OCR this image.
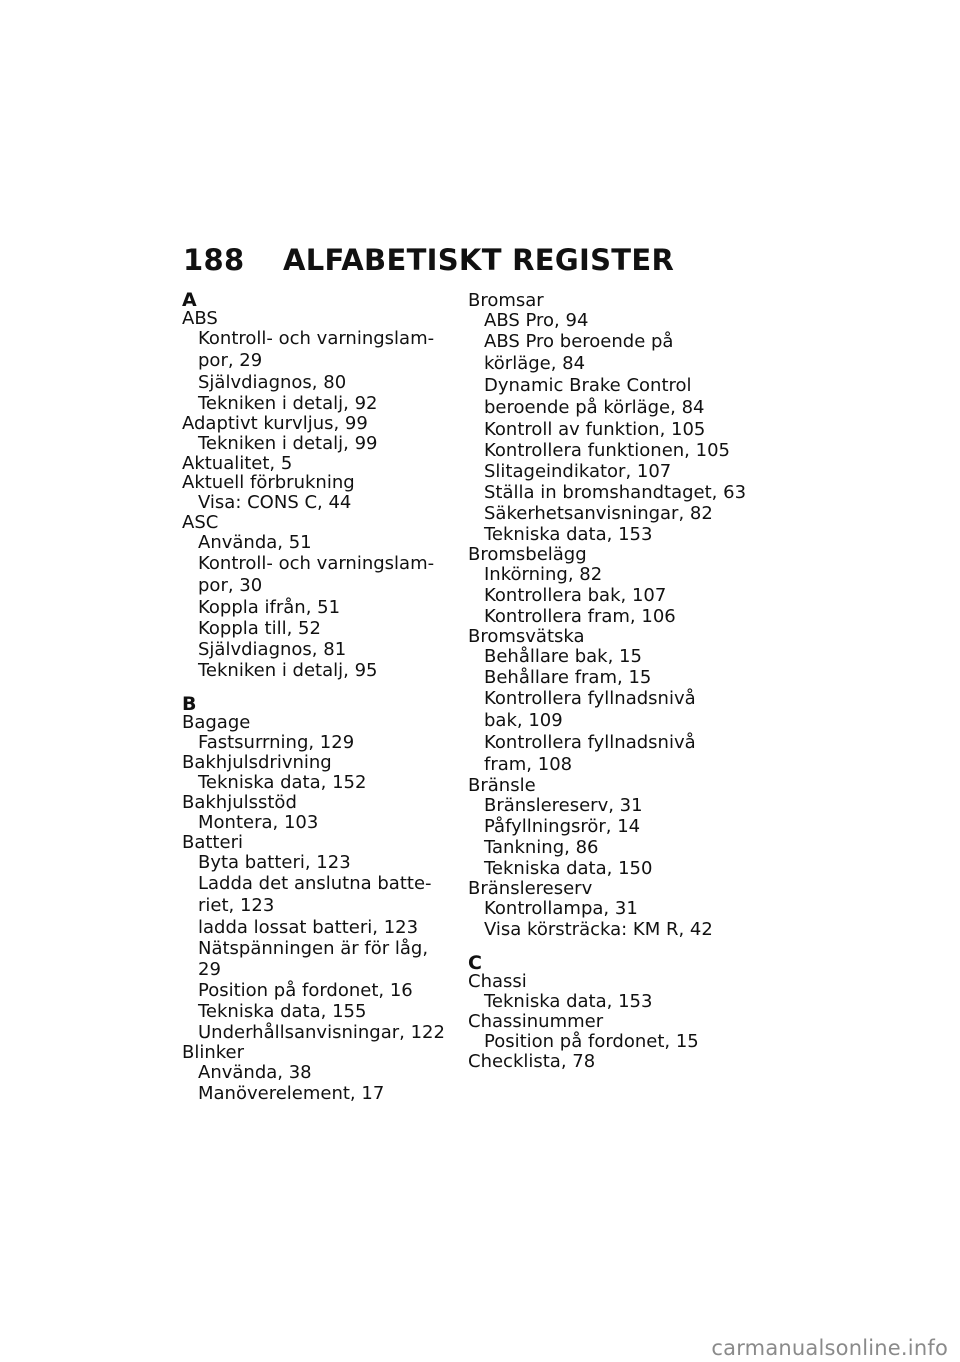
188	ALFABETISKT REGISTER
A
ABS
Kontroll- och varningslam-
por, 29
Självdiagnos, 80
Tekniken i detalj, 92
Adaptivt kurvljus, 99
Tekniken i detalj, 99
Aktualitet, 5
Aktuell förbrukning
Visa: CONS C, 44
ASC
Använda, 51
Kontroll- och varningslam-
por, 30
Koppla ifrån, 51
Koppla till, 52
Självdiagnos, 81
Tekniken i detalj, 95
B
Bagage
Fastsurrning, 129
Bakhjulsdrivning
Tekniska data, 152
Bakhjulsstöd
Montera, 103
Batteri
Byta batteri, 123
Ladda det anslutna batte-
riet, 123
ladda lossat batteri, 123
Nätspänningen är för låg, 29
Position på fordonet, 16
Tekniska data, 155
Underhållsanvisningar, 122
Blinker
Använda, 38
Manöverelement, 17
Bromsar
ABS Pro, 94
ABS Pro beroende på
körläge, 84
Dynamic Brake Control
beroende på körläge, 84
Kontroll av funktion, 105
Kontrollera funktionen, 105
Slitageindikator, 107
Ställa in bromshandtaget, 63
Säkerhetsanvisningar, 82
Tekniska data, 153
Bromsbelägg
Inkörning, 82
Kontrollera bak, 107
Kontrollera fram, 106
Bromsvätska
Behållare bak, 15
Behållare fram, 15
Kontrollera fyllnadsnivå
bak, 109
Kontrollera fyllnadsnivå
fram, 108
Bränsle
Bränslereserv, 31
Påfyllningsrör, 14
Tankning, 86
Tekniska data, 150
Bränslereserv
Kontrollampa, 31
Visa körsträcka: KM R, 42
C
Chassi
Tekniska data, 153
Chassinummer
Position på fordonet, 15
Checklista, 78
carmanualsonline.info
